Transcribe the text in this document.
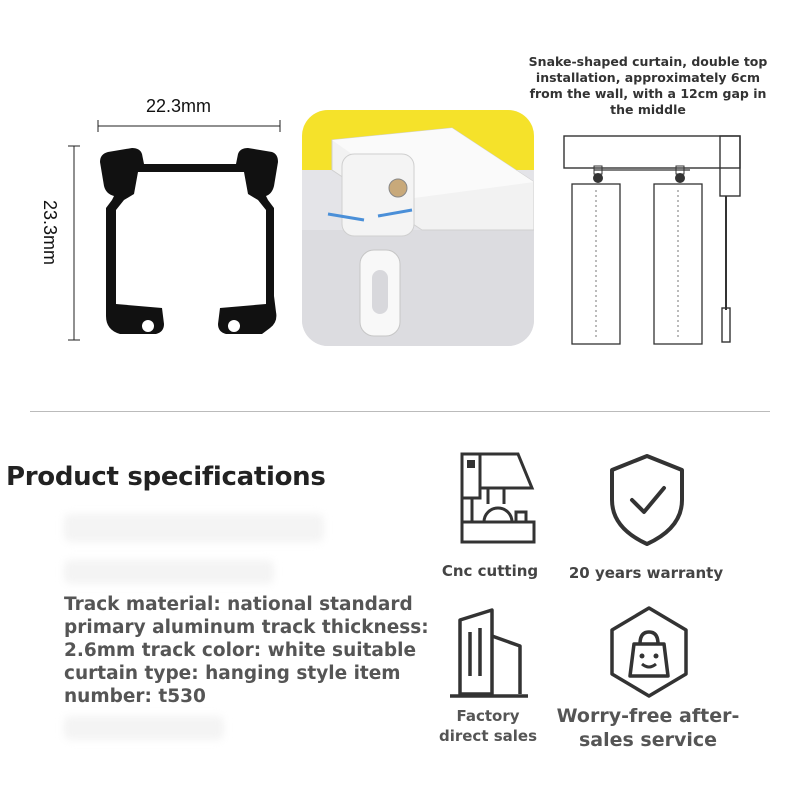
22.3mm
23.3mm
Snake-shaped curtain, double top installation, approximately 6cm from the wall, with a 12cm gap in the middle
Product specifications
Track material: national standard primary aluminum track thickness: 2.6mm track color: white suitable curtain type: hanging style item number: t530
Cnc cutting	20 years warranty
Factory direct sales
Worry-free after-sales service
